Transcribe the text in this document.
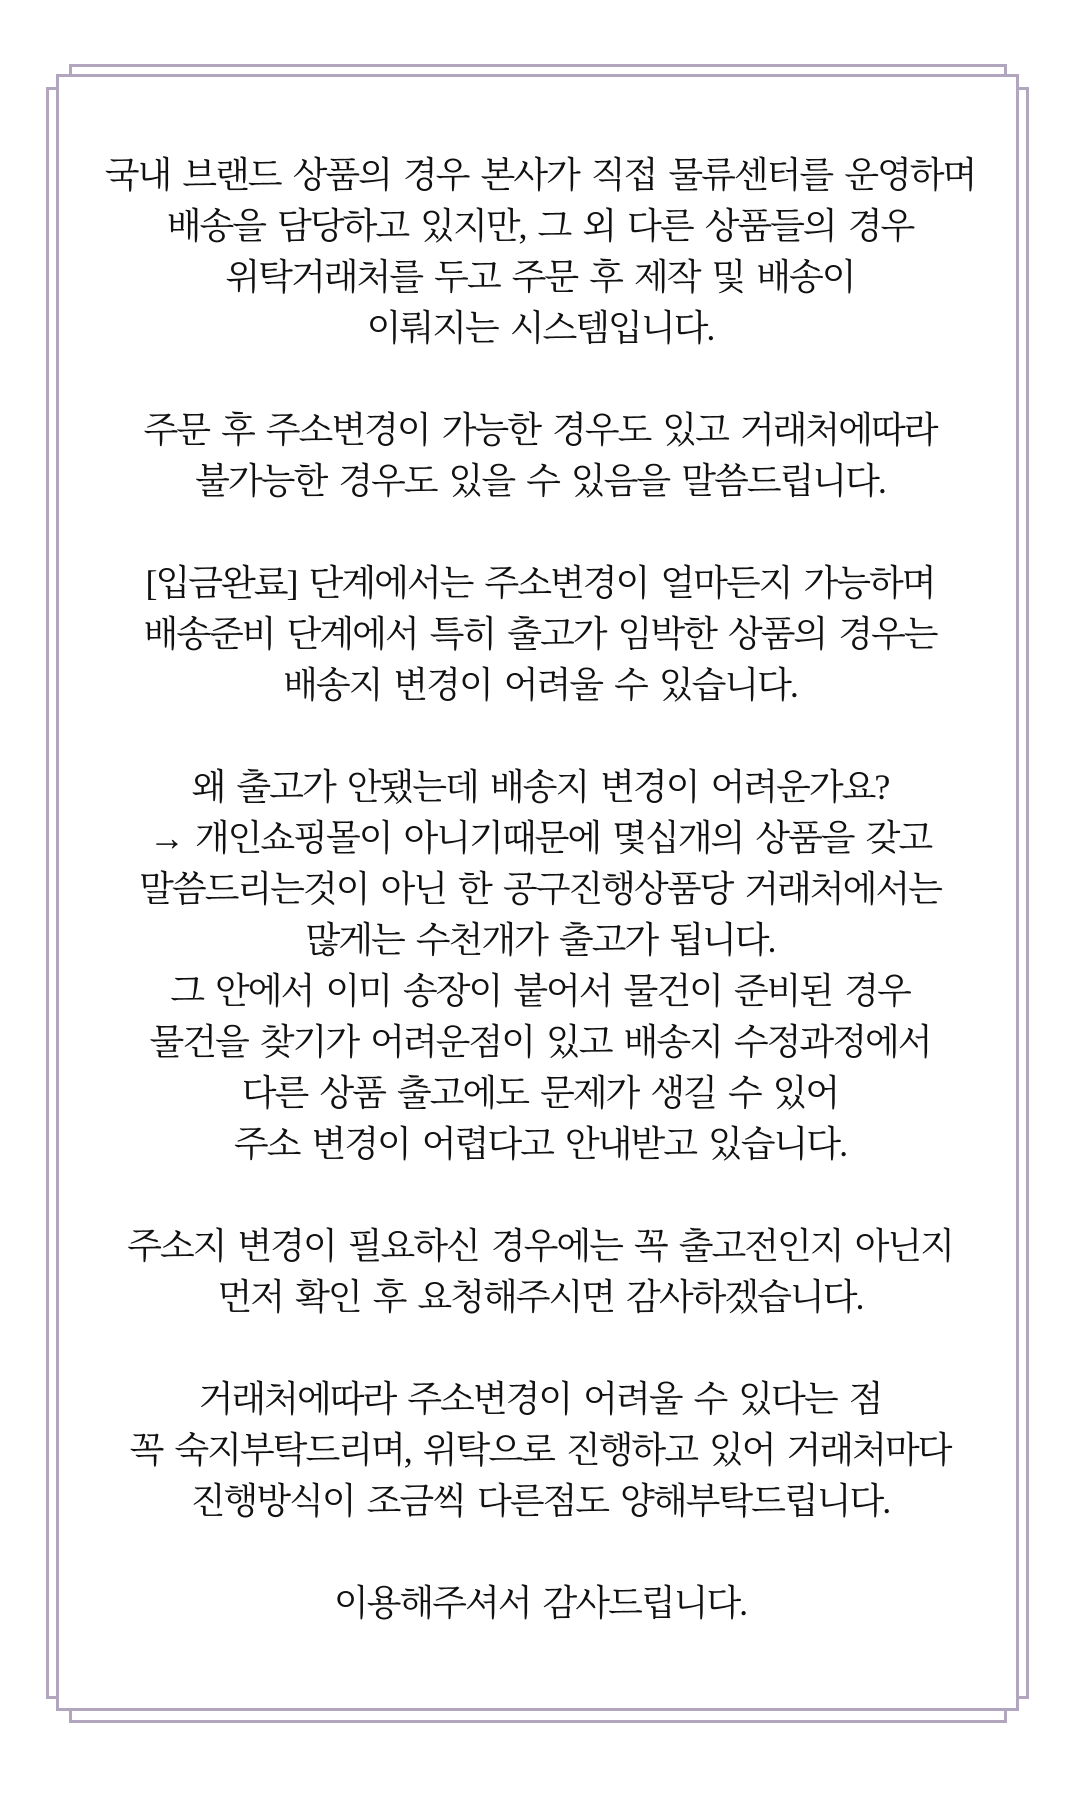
국내 브랜드 상품의 경우 본사가 직접 물류센터를 운영하며
배송을 담당하고 있지만, 그 외 다른 상품들의 경우
위탁거래처를 두고 주문 후 제작 및 배송이
이뤄지는 시스템입니다.
주문 후 주소변경이 가능한 경우도 있고 거래처에따라
불가능한 경우도 있을 수 있음을 말씀드립니다.
[입금완료] 단계에서는 주소변경이 얼마든지 가능하며
배송준비 단계에서 특히 출고가 임박한 상품의 경우는
배송지 변경이 어려울 수 있습니다.
왜 출고가 안됐는데 배송지 변경이 어려운가요?
→ 개인쇼핑몰이 아니기때문에 몇십개의 상품을 갖고
말씀드리는것이 아닌 한 공구진행상품당 거래처에서는
많게는 수천개가 출고가 됩니다.
그 안에서 이미 송장이 붙어서 물건이 준비된 경우
물건을 찾기가 어려운점이 있고 배송지 수정과정에서
다른 상품 출고에도 문제가 생길 수 있어
주소 변경이 어렵다고 안내받고 있습니다.
주소지 변경이 필요하신 경우에는 꼭 출고전인지 아닌지
먼저 확인 후 요청해주시면 감사하겠습니다.
거래처에따라 주소변경이 어려울 수 있다는 점
꼭 숙지부탁드리며, 위탁으로 진행하고 있어 거래처마다
진행방식이 조금씩 다른점도 양해부탁드립니다.
이용해주셔서 감사드립니다.
